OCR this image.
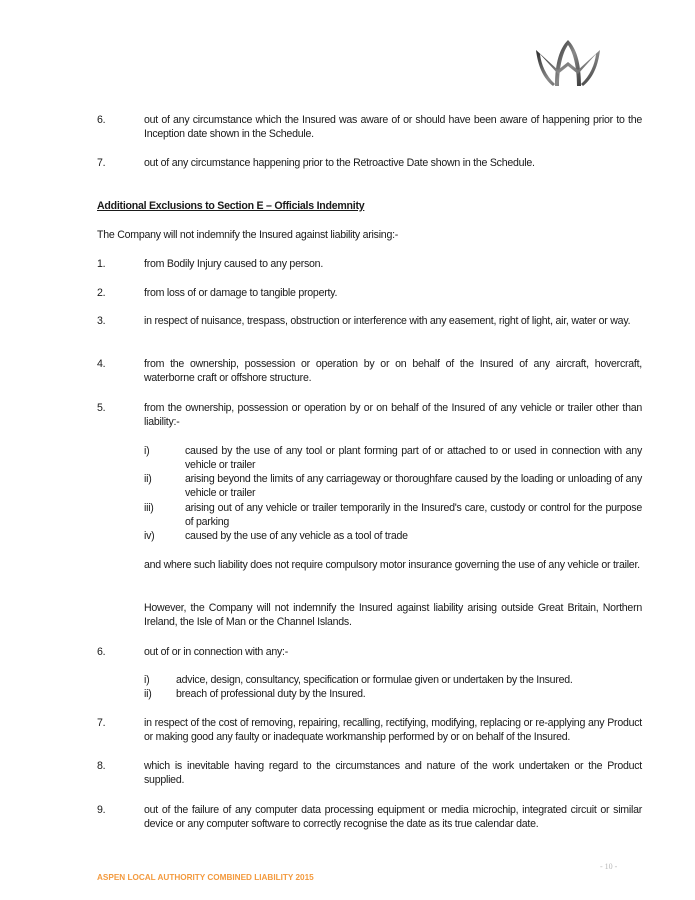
6.	out of any circumstance which the Insured was aware of or should have been aware of happening prior to the Inception date shown in the Schedule.
7.	out of any circumstance happening prior to the Retroactive Date shown in the Schedule.
Additional Exclusions to Section E – Officials Indemnity
The Company will not indemnify the Insured against liability arising:-
1.	from Bodily Injury caused to any person.
2.	from loss of or damage to tangible property.
3.	in respect of nuisance, trespass, obstruction or interference with any easement, right of light, air, water or way.
4.	from the ownership, possession or operation by or on behalf of the Insured of any aircraft, hovercraft, waterborne craft or offshore structure.
5.	from the ownership, possession or operation by or on behalf of the Insured of any vehicle or trailer other than liability:-
i)	caused by the use of any tool or plant forming part of or attached to or used in connection with any vehicle or trailer
ii)	arising beyond the limits of any carriageway or thoroughfare caused by the loading or unloading of any vehicle or trailer
iii)	arising out of any vehicle or trailer temporarily in the Insured's care, custody or control for the purpose of parking
iv)	caused by the use of any vehicle as a tool of trade
and where such liability does not require compulsory motor insurance governing the use of any vehicle or trailer.
However, the Company will not indemnify the Insured against liability arising outside Great Britain, Northern Ireland, the Isle of Man or the Channel Islands.
6.	out of or in connection with any:-
i)	advice, design, consultancy, specification or formulae given or undertaken by the Insured.
ii) breach of professional duty by the Insured.
7.	in respect of the cost of removing, repairing, recalling, rectifying, modifying, replacing or re-applying any Product or making good any faulty or inadequate workmanship performed by or on behalf of the Insured.
8.	which is inevitable having regard to the circumstances and nature of the work undertaken or the Product supplied.
9.	out of the failure of any computer data processing equipment or media microchip, integrated circuit or similar device or any computer software to correctly recognise the date as its true calendar date.
- 10 -
ASPEN LOCAL AUTHORITY COMBINED LIABILITY 2015
